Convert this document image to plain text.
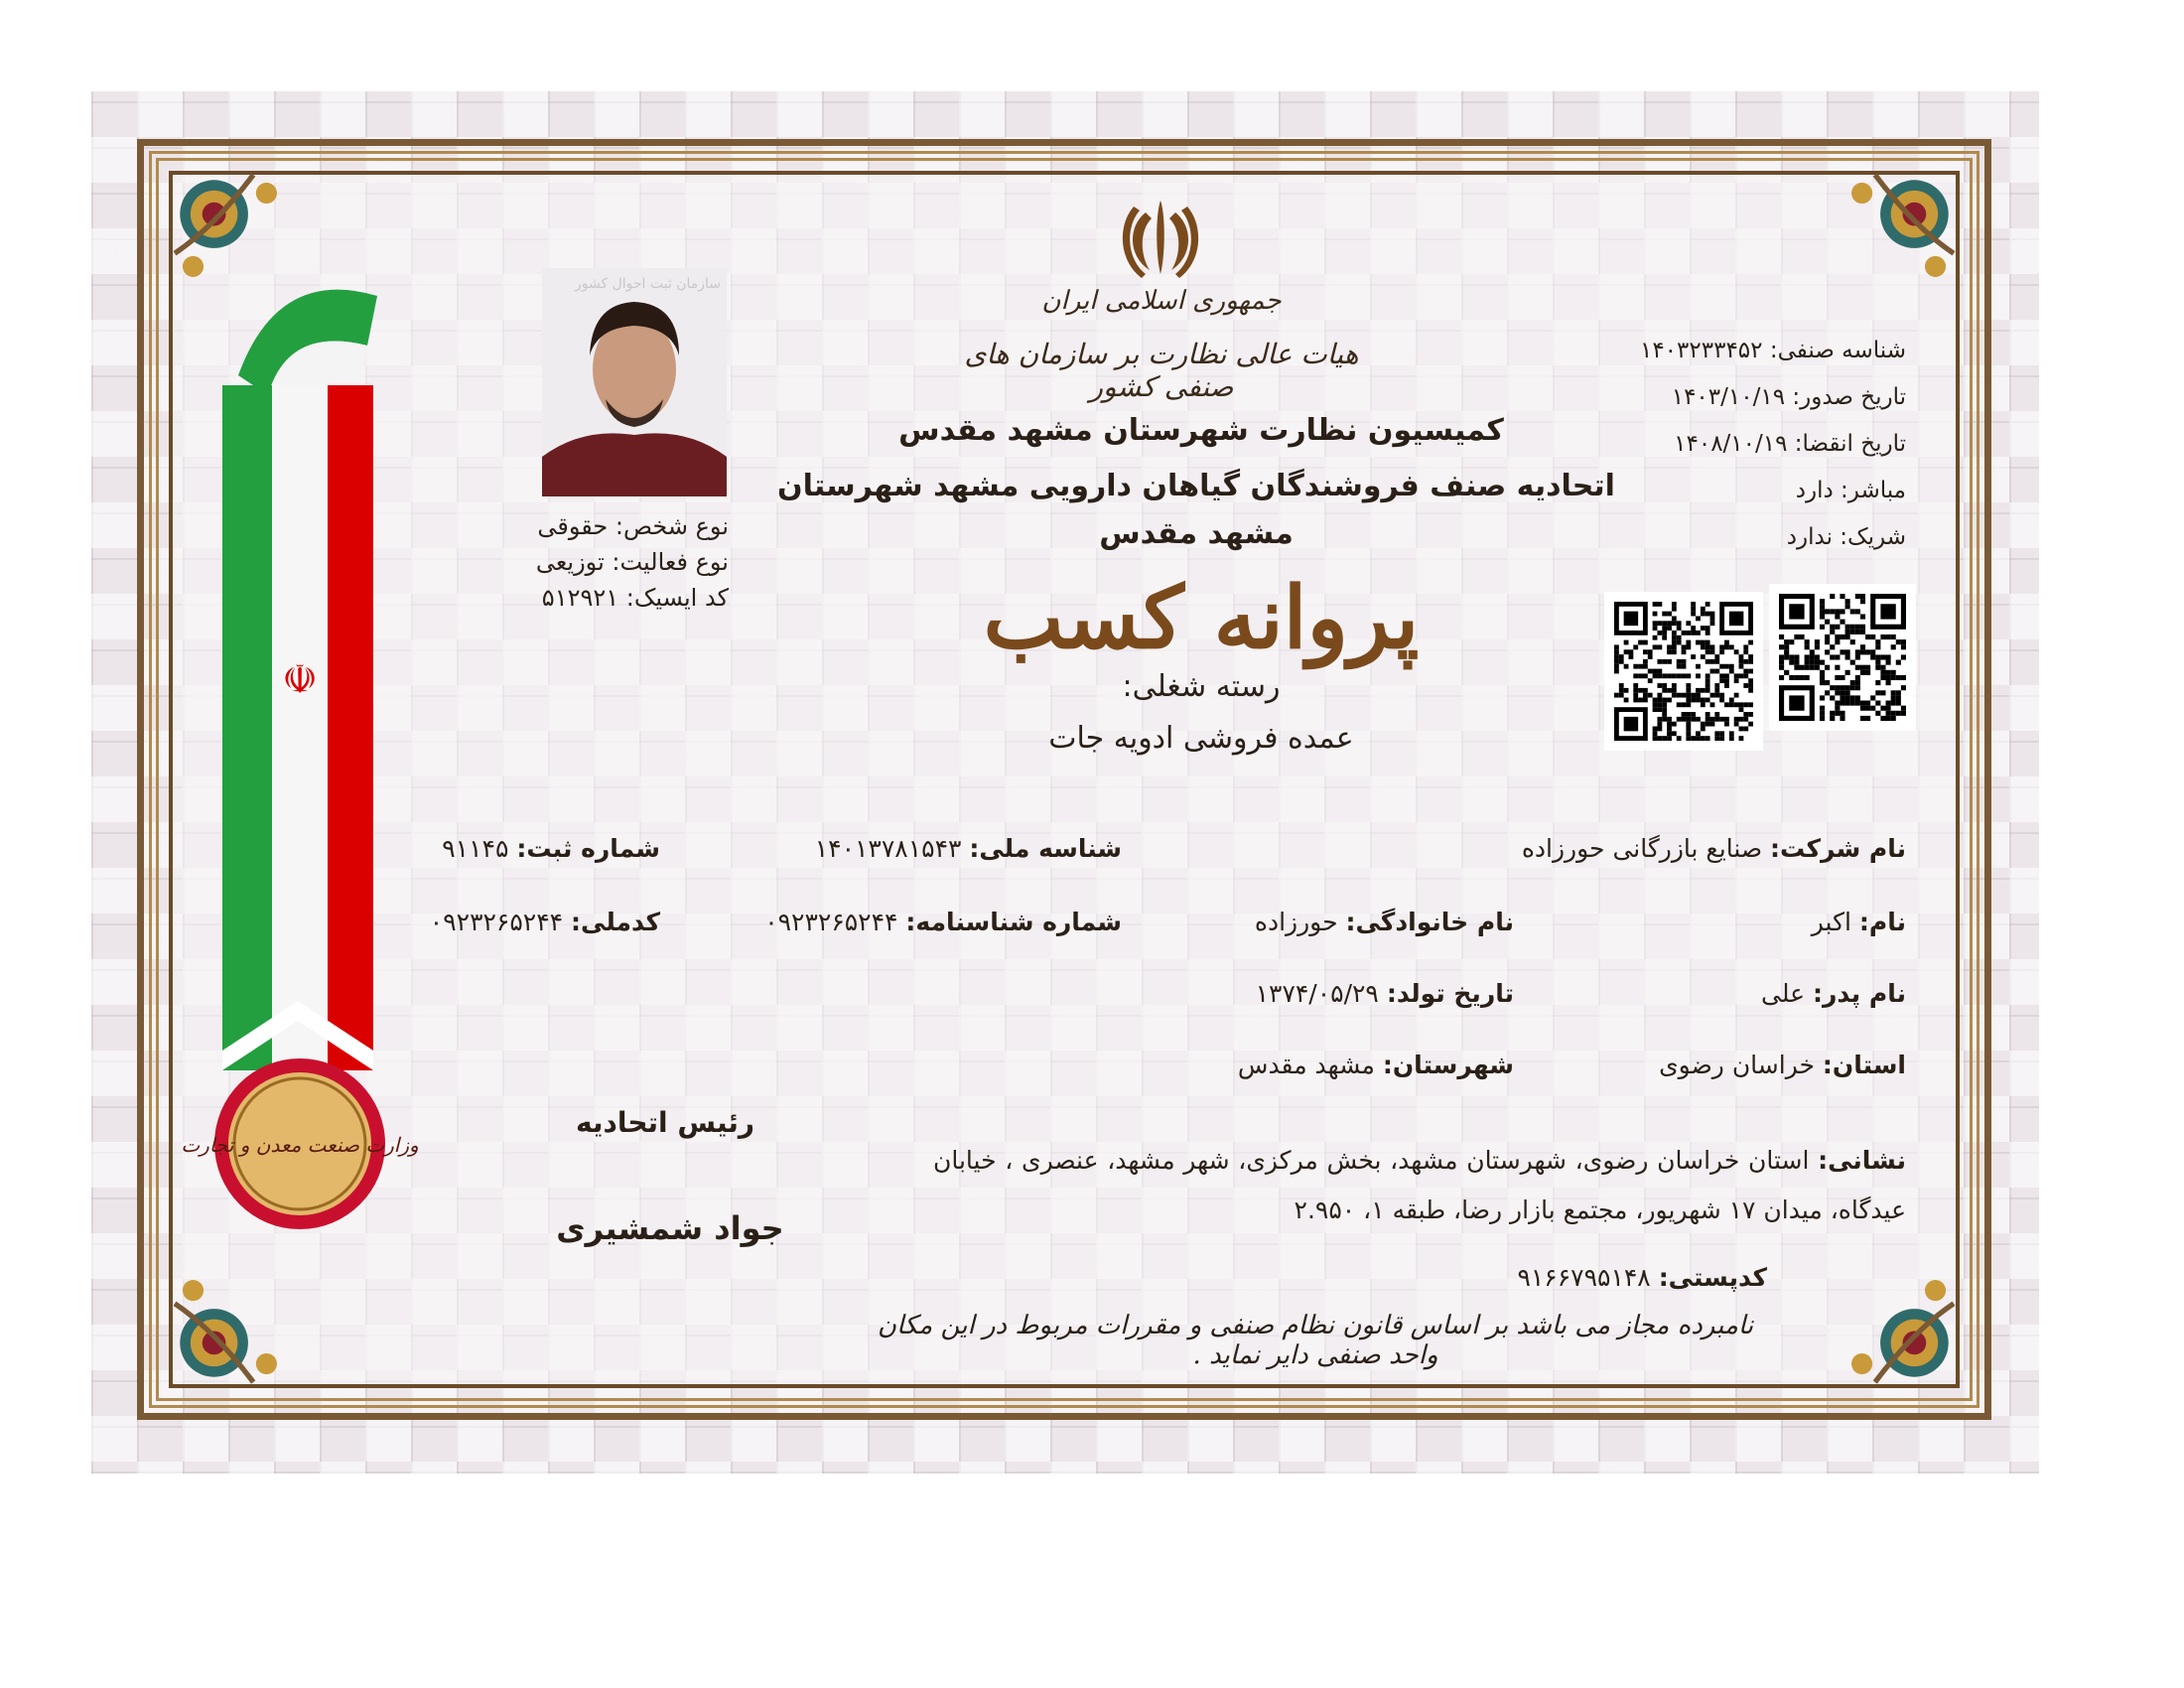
☫
وزارت صنعت معدن و تجارت
جمهوری اسلامی ایران
هیات عالی نظارت بر سازمان های صنفی کشور
کمیسیون نظارت شهرستان مشهد مقدس
اتحادیه صنف فروشندگان گیاهان دارویی مشهد شهرستان مشهد مقدس
پروانه کسب
رسته شغلی:
عمده فروشی ادویه جات
سازمان ثبت احوال کشور
نوع شخص: حقوقی
نوع فعالیت: توزیعی
کد ایسیک: ۵۱۲۹۲۱
شناسه صنفی: ۱۴۰۳۲۳۳۴۵۲
تاریخ صدور: ۱۴۰۳/۱۰/۱۹
تاریخ انقضا: ۱۴۰۸/۱۰/۱۹
مباشر: دارد
شریک: ندارد
نام شرکت: صنایع بازرگانی حورزاده
شناسه ملی: ۱۴۰۱۳۷۸۱۵۴۳
شماره ثبت: ۹۱۱۴۵
نام: اکبر
نام خانوادگی: حورزاده
شماره شناسنامه: ۰۹۲۳۲۶۵۲۴۴
کدملی: ۰۹۲۳۲۶۵۲۴۴
نام پدر: علی
تاریخ تولد: ۱۳۷۴/۰۵/۲۹
استان: خراسان رضوی
شهرستان: مشهد مقدس
نشانی: استان خراسان رضوی، شهرستان مشهد، بخش مرکزی، شهر مشهد، عنصری ، خیابان عیدگاه، میدان ۱۷ شهریور، مجتمع بازار رضا، طبقه ۱، ۲.۹۵۰
رئیس اتحادیه
جواد شمشیری
کدپستی: ۹۱۶۶۷۹۵۱۴۸
نامبرده مجاز می باشد بر اساس قانون نظام صنفی و مقررات مربوط در این مکان واحد صنفی دایر نماید .
